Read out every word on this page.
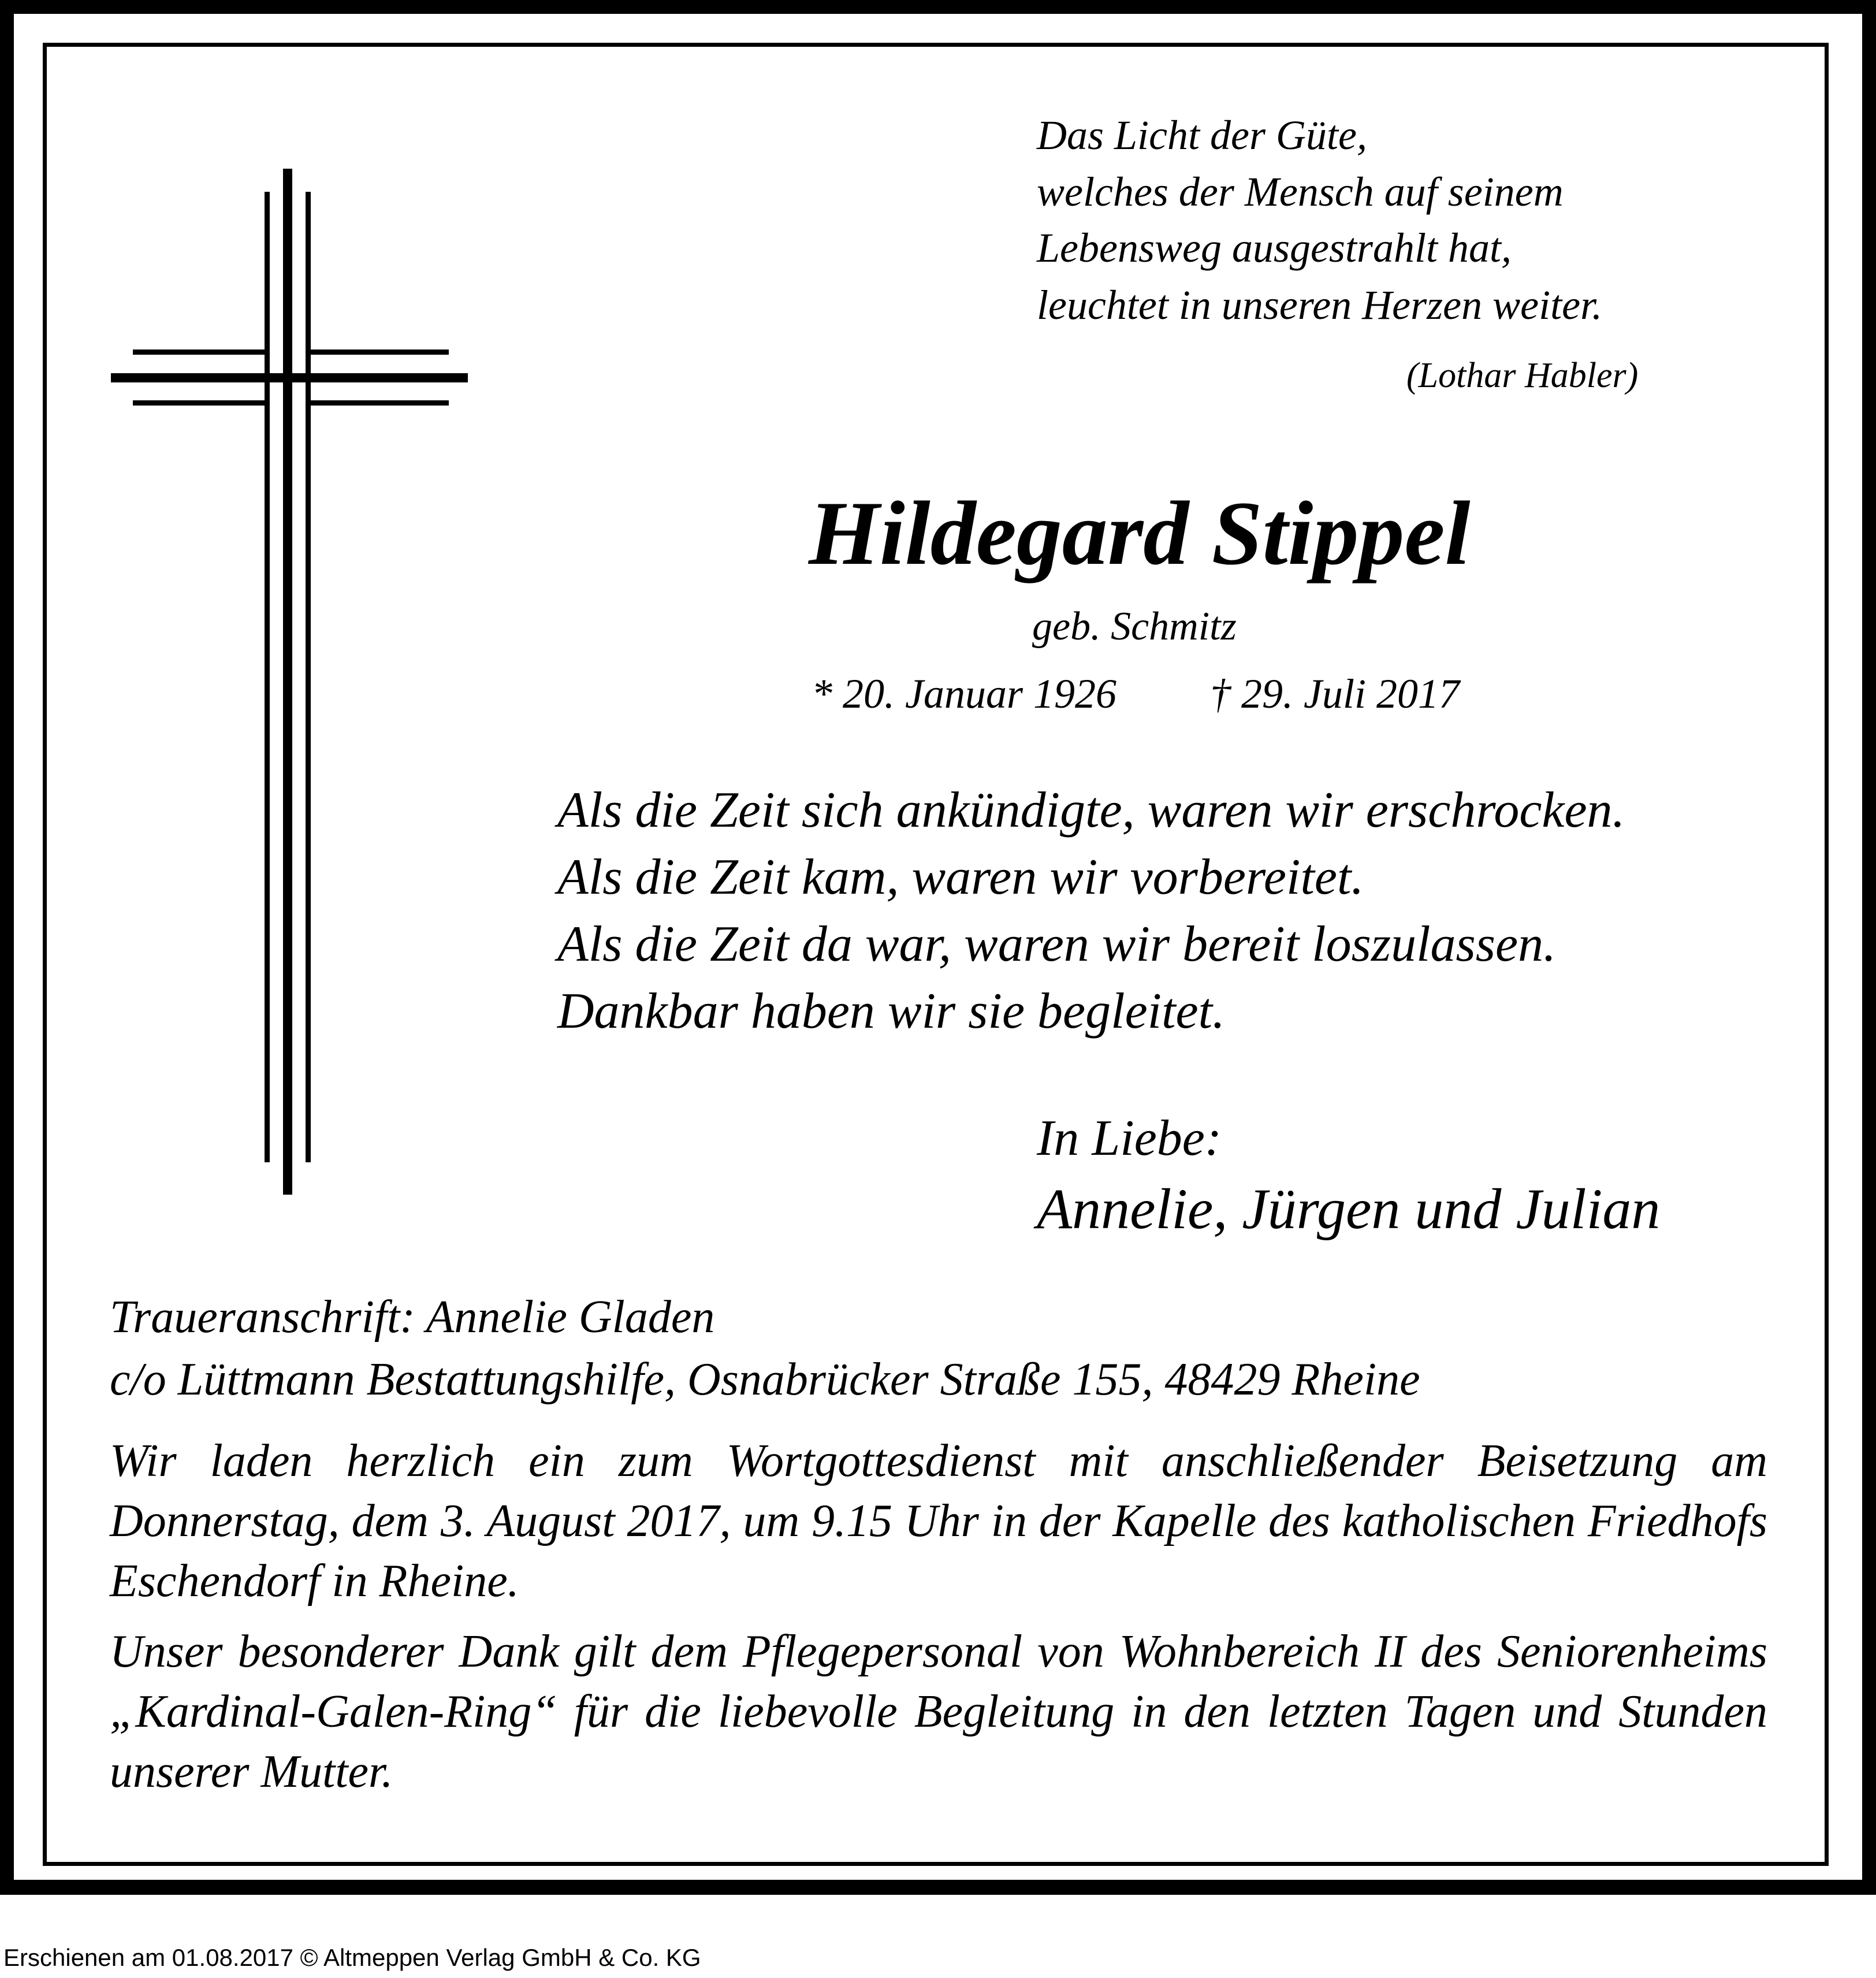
Das Licht der Güte,

welches der Mensch auf seinem

Lebensweg ausgestrahlt hat,

leuchtet in unseren Herzen weiter.

(Lothar Habler)

Hildegard Stippel

geb. Schmitz

* 20. Januar 1926 † 29. Juli 2017

Als die Zeit sich ankündigte, waren wir erschrocken.

Als die Zeit kam, waren wir vorbereitet.

Als die Zeit da war, waren wir bereit loszulassen.

Dankbar haben wir sie begleitet.

In Liebe:

Annelie, Jürgen und Julian

Traueranschrift: Annelie Gladen

c/o Lüttmann Bestattungshilfe, Osnabrücker Straße 155, 48429 Rheine

Wir laden herzlich ein zum Wortgottesdienst mit anschließender Beisetzung am Donnerstag, dem 3. August 2017, um 9.15 Uhr in der Kapelle des katholischen Friedhofs Eschendorf in Rheine.

Unser besonderer Dank gilt dem Pflegepersonal von Wohnbereich II des Seniorenheims „Kardinal-Galen-Ring“ für die liebevolle Begleitung in den letzten Tagen und Stunden unserer Mutter.

Erschienen am 01.08.2017 © Altmeppen Verlag GmbH & Co. KG
